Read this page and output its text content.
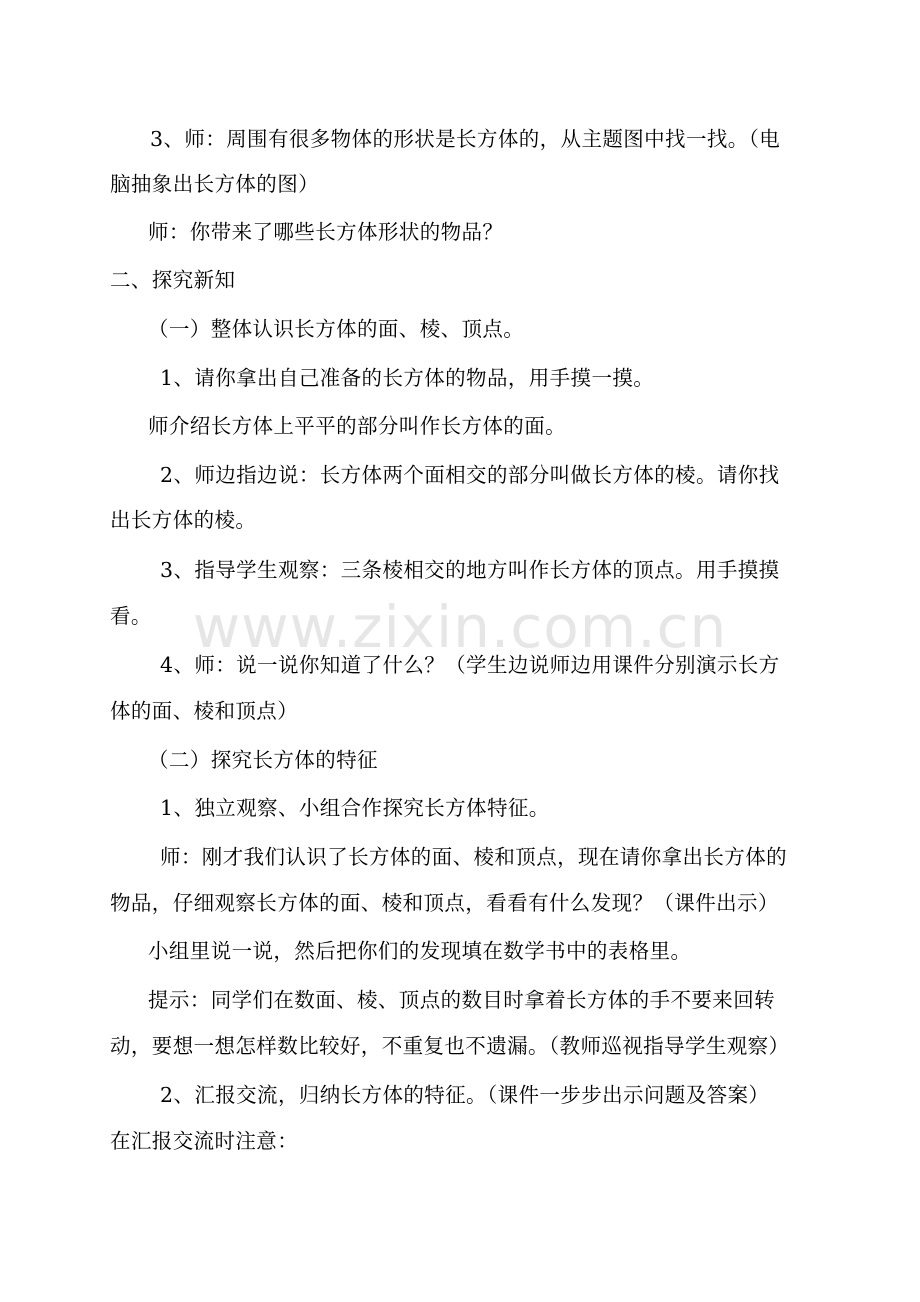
3、师：周围有很多物体的形状是长方体的，从主题图中找一找。（电
脑抽象出长方体的图）
师：你带来了哪些长方体形状的物品？
二、探究新知
（一）整体认识长方体的面、棱、顶点。
1、请你拿出自己准备的长方体的物品，用手摸一摸。
师介绍长方体上平平的部分叫作长方体的面。
2、师边指边说：长方体两个面相交的部分叫做长方体的棱。请你找
出长方体的棱。
3、指导学生观察：三条棱相交的地方叫作长方体的顶点。用手摸摸
看。 www.zixin.com.cn
4、师：说一说你知道了什么？（学生边说师边用课件分别演示长方
体的面、棱和顶点）
（二）探究长方体的特征
1、独立观察、小组合作探究长方体特征。
师：刚才我们认识了长方体的面、棱和顶点，现在请你拿出长方体的
物品，仔细观察长方体的面、棱和顶点，看看有什么发现？（课件出示）
小组里说一说，然后把你们的发现填在数学书中的表格里。
提示：同学们在数面、棱、顶点的数目时拿着长方体的手不要来回转
动，要想一想怎样数比较好，不重复也不遗漏。（教师巡视指导学生观察）
2、汇报交流，归纳长方体的特征。（课件一步步出示问题及答案）
在汇报交流时注意：
